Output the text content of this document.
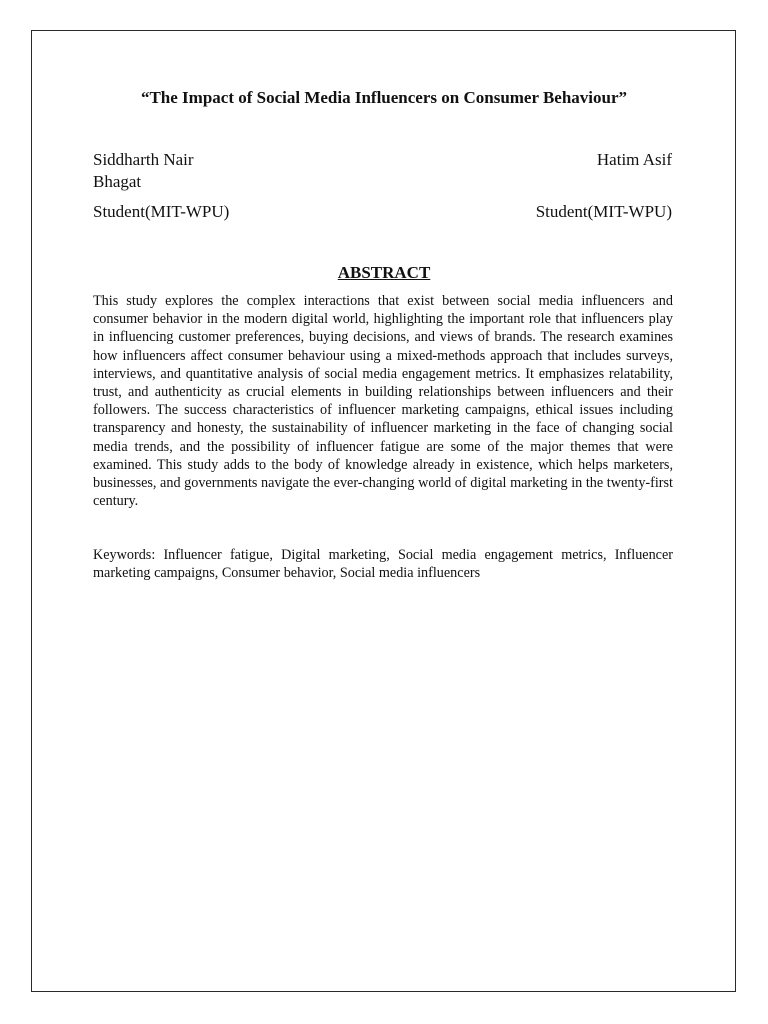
“The Impact of Social Media Influencers on Consumer Behaviour”
Siddharth Nair Bhagat
Hatim Asif
Student(MIT-WPU)	Student(MIT-WPU)
ABSTRACT

This study explores the complex interactions that exist between social media influencers and consumer behavior in the modern digital world, highlighting the important role that influencers play in influencing customer preferences, buying decisions, and views of brands. The research examines how influencers affect consumer behaviour using a mixed-methods approach that includes surveys, interviews, and quantitative analysis of social media engagement metrics. It emphasizes relatability, trust, and authenticity as crucial elements in building relationships between influencers and their followers. The success characteristics of influencer marketing campaigns, ethical issues including transparency and honesty, the sustainability of influencer marketing in the face of changing social media trends, and the possibility of influencer fatigue are some of the major themes that were examined. This study adds to the body of knowledge already in existence, which helps marketers, businesses, and governments navigate the ever-changing world of digital marketing in the twenty-first century.

Keywords: Influencer fatigue, Digital marketing, Social media engagement metrics, Influencer marketing campaigns, Consumer behavior, Social media influencers
